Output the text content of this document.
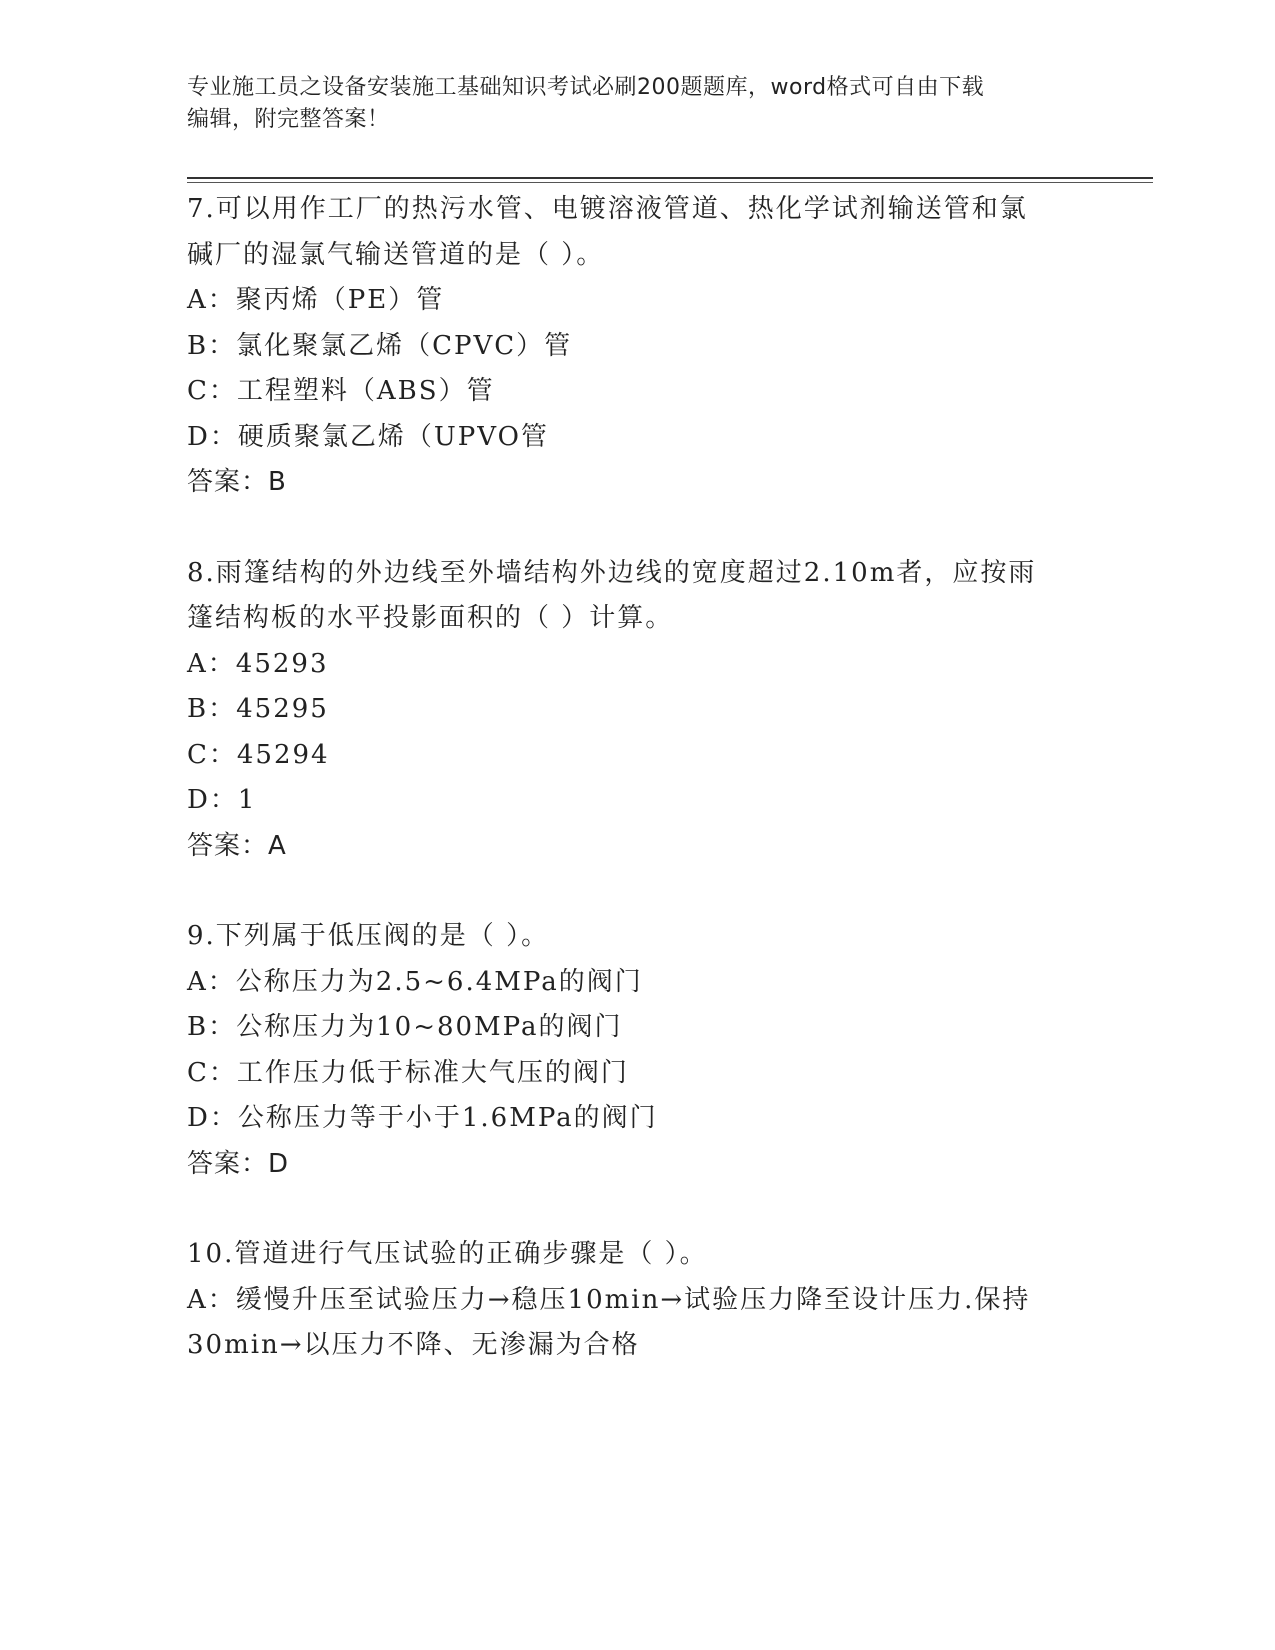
专业施工员之设备安装施工基础知识考试必刷200题题库，word格式可自由下载
编辑，附完整答案！
7.可以用作工厂的热污水管、电镀溶液管道、热化学试剂输送管和氯
碱厂的湿氯气输送管道的是（ ）。
A：聚丙烯（PE）管
B：氯化聚氯乙烯（CPVC）管
C：工程塑料（ABS）管
D：硬质聚氯乙烯（UPVO管
答案：B
8.雨篷结构的外边线至外墙结构外边线的宽度超过2.10m者，应按雨
篷结构板的水平投影面积的（ ）计算。
A：45293
B：45295
C：45294
D：1
答案：A
9.下列属于低压阀的是（ ）。
A：公称压力为2.5~6.4MPa的阀门
B：公称压力为10~80MPa的阀门
C：工作压力低于标准大气压的阀门
D：公称压力等于小于1.6MPa的阀门
答案：D
10.管道进行气压试验的正确步骤是（ ）。
A：缓慢升压至试验压力→稳压10min→试验压力降至设计压力.保持
30min→以压力不降、无渗漏为合格
